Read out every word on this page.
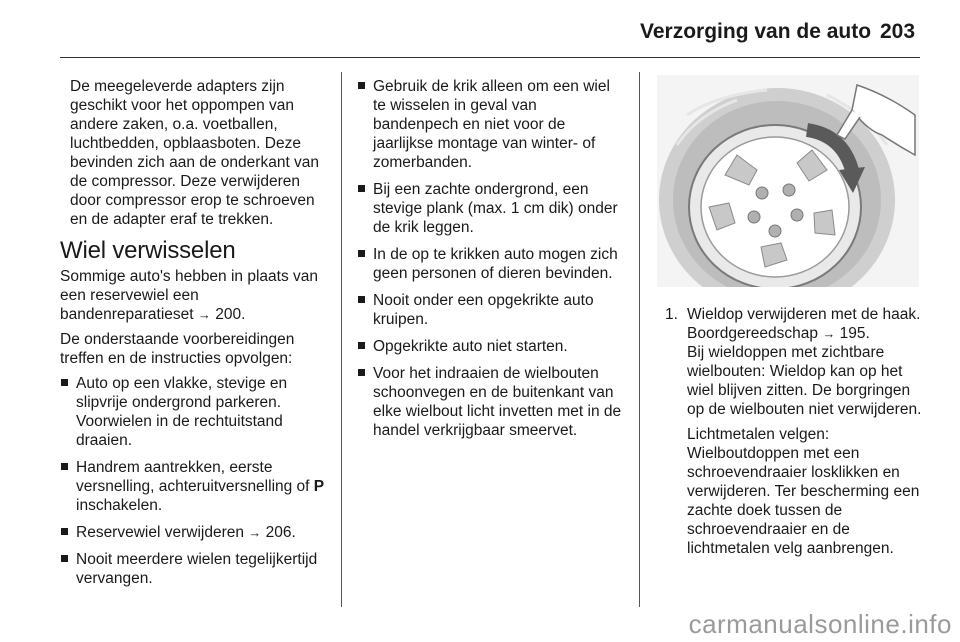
Verzorging van de auto 203

De meegeleverde adapters zijn geschikt voor het oppompen van andere zaken, o.a. voetballen, luchtbedden, opblaasboten. Deze bevinden zich aan de onderkant van de compressor. Deze verwijderen door compressor erop te schroeven en de adapter eraf te trekken.

Wiel verwisselen

Sommige auto's hebben in plaats van een reservewiel een bandenreparatieset → 200.

De onderstaande voorbereidingen treffen en de instructies opvolgen:

Auto op een vlakke, stevige en slipvrije ondergrond parkeren. Voorwielen in de rechtuitstand draaien.
Handrem aantrekken, eerste versnelling, achteruitversnelling of P inschakelen.
Reservewiel verwijderen → 206.
Nooit meerdere wielen tegelijkertijd vervangen.
Gebruik de krik alleen om een wiel te wisselen in geval van bandenpech en niet voor de jaarlijkse montage van winter- of zomerbanden.
Bij een zachte ondergrond, een stevige plank (max. 1 cm dik) onder de krik leggen.
In de op te krikken auto mogen zich geen personen of dieren bevinden.
Nooit onder een opgekrikte auto kruipen.
Opgekrikte auto niet starten.
Voor het indraaien de wielbouten schoonvegen en de buitenkant van elke wielbout licht invetten met in de handel verkrijgbaar smeervet.
1. Wieldop verwijderen met de haak. Boordgereedschap → 195.

Bij wieldoppen met zichtbare wielbouten: Wieldop kan op het wiel blijven zitten. De borgringen op de wielbouten niet verwijderen.

Lichtmetalen velgen: Wielboutdoppen met een schroevendraaier losklikken en verwijderen. Ter bescherming een zachte doek tussen de schroevendraaier en de lichtmetalen velg aanbrengen.

carmanualsonline.info
